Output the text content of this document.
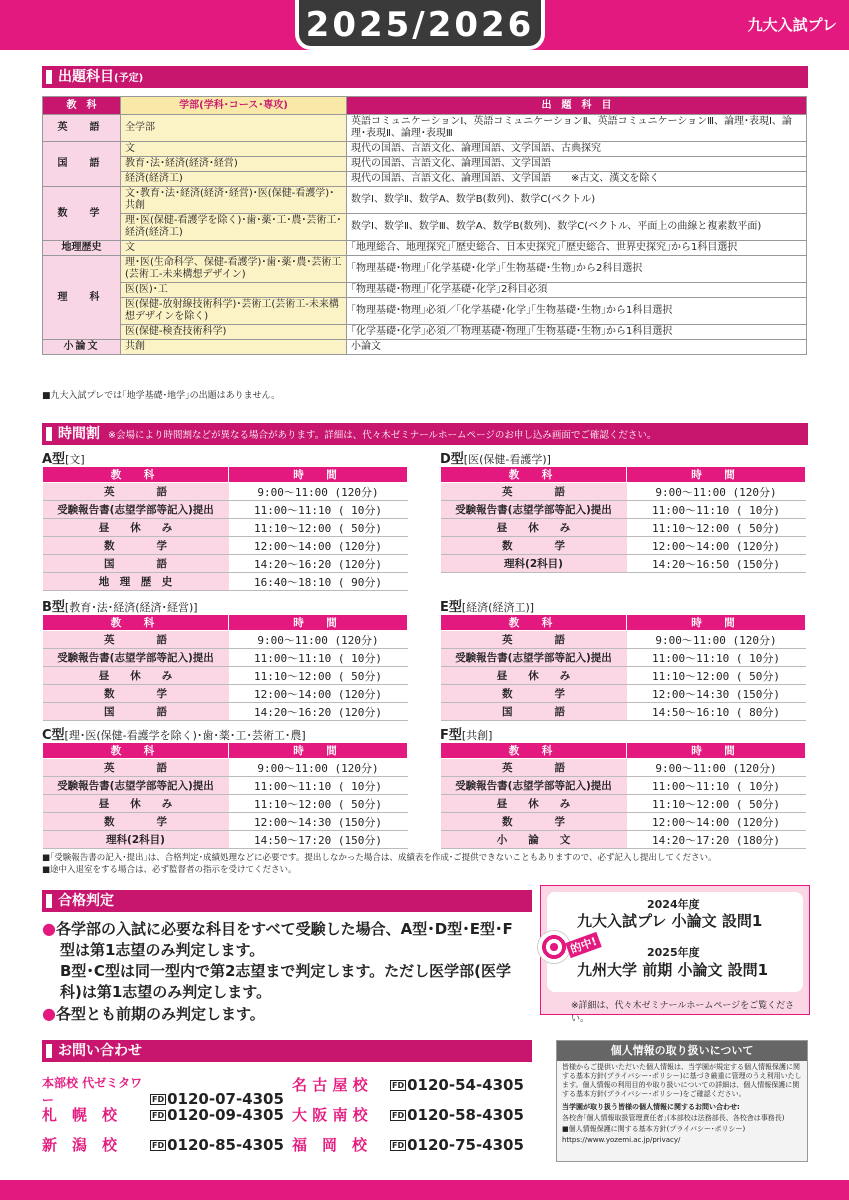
2025/2026	九大入試プレ
出題科目(予定)
教　科	学部(学科･コース･専攻)	出　題　科　目
英　語	全学部	英語コミュニケーションⅠ、英語コミュニケーションⅡ、英語コミュニケーションⅢ、論理･表現Ⅰ、論理･表現Ⅱ、論理･表現Ⅲ
国　語	文	現代の国語、言語文化、論理国語、文学国語、古典探究
	教育･法･経済(経済･経営)	現代の国語、言語文化、論理国語、文学国語
	経済(経済工)	現代の国語、言語文化、論理国語、文学国語　　※古文、漢文を除く
数　学	文･教育･法･経済(経済･経営)･医(保健-看護学)･共創	数学Ⅰ、数学Ⅱ、数学A、数学B(数列)、数学C(ベクトル)
	理･医(保健-看護学を除く)･歯･薬･工･農･芸術工･経済(経済工)	数学Ⅰ、数学Ⅱ、数学Ⅲ、数学A、数学B(数列)、数学C(ベクトル、平面上の曲線と複素数平面)
地理歴史	文	｢地理総合、地理探究｣｢歴史総合、日本史探究｣｢歴史総合、世界史探究｣から1科目選択
理　科	理･医(生命科学、保健-看護学)･歯･薬･農･芸術工(芸術工-未来構想デザイン)	｢物理基礎･物理｣｢化学基礎･化学｣｢生物基礎･生物｣から2科目選択
	医(医)･工	｢物理基礎･物理｣｢化学基礎･化学｣2科目必須
	医(保健-放射線技術科学)･芸術工(芸術工-未来構想デザインを除く)	｢物理基礎･物理｣必須／｢化学基礎･化学｣｢生物基礎･生物｣から1科目選択
	医(保健-検査技術科学)	｢化学基礎･化学｣必須／｢物理基礎･物理｣｢生物基礎･生物｣から1科目選択
小論文	共創	小論文
■九大入試プレでは｢地学基礎･地学｣の出題はありません。
時間割 ※会場により時間割などが異なる場合があります。詳細は、代々木ゼミナールホームページのお申し込み画面でご確認ください。
A型[文]
教　科	時　間
英　　　　語	9:00～11:00 (120分)
受験報告書(志望学部等記入)提出	11:00～11:10 ( 10分)
昼　　休　　み	11:10～12:00 ( 50分)
数　　　　学	12:00～14:00 (120分)
国　　　　語	14:20～16:20 (120分)
地　理　歴　史	16:40～18:10 ( 90分)
D型[医(保健-看護学)]
教　科	時　間
英　　　　語	9:00～11:00 (120分)
受験報告書(志望学部等記入)提出	11:00～11:10 ( 10分)
昼　　休　　み	11:10～12:00 ( 50分)
数　　　　学	12:00～14:00 (120分)
理科(2科目)	14:20～16:50 (150分)
B型[教育･法･経済(経済･経営)]
教　科	時　間
英　　　　語	9:00～11:00 (120分)
受験報告書(志望学部等記入)提出	11:00～11:10 ( 10分)
昼　　休　　み	11:10～12:00 ( 50分)
数　　　　学	12:00～14:00 (120分)
国　　　　語	14:20～16:20 (120分)
E型[経済(経済工)]
教　科	時　間
英　　　　語	9:00～11:00 (120分)
受験報告書(志望学部等記入)提出	11:00～11:10 ( 10分)
昼　　休　　み	11:10～12:00 ( 50分)
数　　　　学	12:00～14:30 (150分)
国　　　　語	14:50～16:10 ( 80分)
C型[理･医(保健-看護学を除く)･歯･薬･工･芸術工･農]
教　科	時　間
英　　　　語	9:00～11:00 (120分)
受験報告書(志望学部等記入)提出	11:00～11:10 ( 10分)
昼　　休　　み	11:10～12:00 ( 50分)
数　　　　学	12:00～14:30 (150分)
理科(2科目)	14:50～17:20 (150分)
F型[共創]
教　科	時　間
英　　　　語	9:00～11:00 (120分)
受験報告書(志望学部等記入)提出	11:00～11:10 ( 10分)
昼　　休　　み	11:10～12:00 ( 50分)
数　　　　学	12:00～14:00 (120分)
小　　論　　文	14:20～17:20 (180分)
■｢受験報告書の記入･提出｣は、合格判定･成績処理などに必要です。提出しなかった場合は、成績表を作成･ご提供できないこともありますので、必ず記入し提出してください。
■途中入退室をする場合は、必ず監督者の指示を受けてください。
合格判定

●各学部の入試に必要な科目をすべて受験した場合、A型･D型･E型･F型は第1志望のみ判定します。

B型･C型は同一型内で第2志望まで判定します。ただし医学部(医学科)は第1志望のみ判定します。

●各型とも前期のみ判定します。

2024年度
九大入試プレ 小論文 設問1
2025年度
九州大学 前期 小論文 設問1
的中!
※詳細は、代々木ゼミナールホームページをご覧ください。
お問い合わせ
本部校 代ゼミタワー	FD 0120-07-4305
名 古 屋 校	FD 0120-54-4305
札　幌　校	FD 0120-09-4305 大 阪 南 校	FD 0120-58-4305
新　潟　校	FD 0120-85-4305 福　岡　校	FD 0120-75-4305
個人情報の取り扱いについて

皆様からご提供いただいた個人情報は、当学園が規定する個人情報保護に関する基本方針(プライバシー･ポリシー)に基づき厳重に管理のうえ利用いたします。個人情報の利用目的や取り扱いについての詳細は、個人情報保護に関する基本方針(プライバシー･ポリシー)をご確認ください。

当学園が取り扱う皆様の個人情報に関するお問い合わせ:

各校舎｢個人情報取扱管理責任者｣(本部校は法務部長、各校舎は事務長)

■個人情報保護に関する基本方針(プライバシー･ポリシー)

https://www.yozemi.ac.jp/privacy/
